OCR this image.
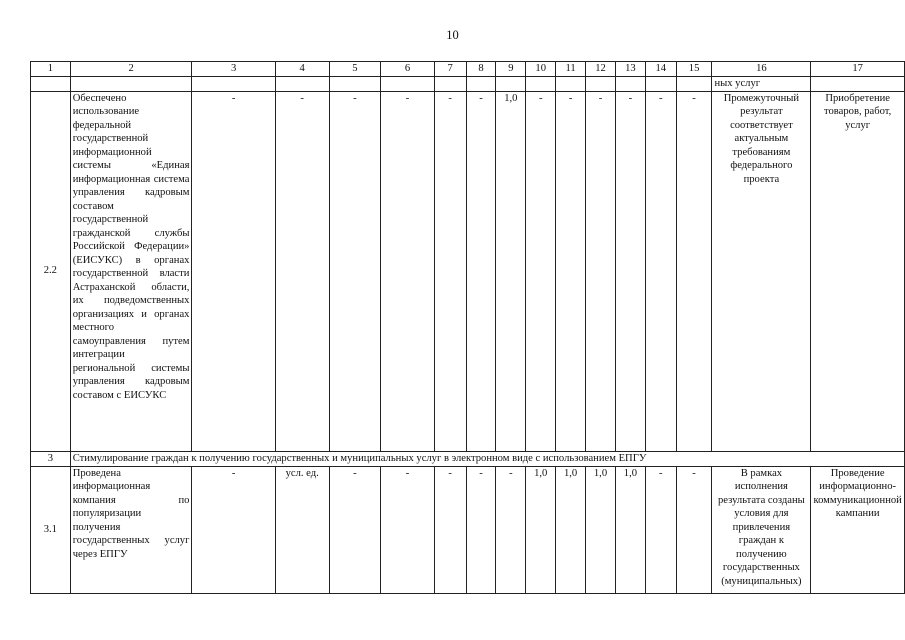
10
1	2	3	4	5	6	7	8	9	10	11	12	13	14	15	16	17
															ных услуг	
2.2	Обеспечено использование федеральной государственной информационной системы «Единая информационная система управления кадровым составом государственной гражданской службы Российской Федерации» (ЕИСУКС) в органах государственной власти Астраханской области, их подведомственных организациях и органах местного самоуправления путем интеграции региональной системы управления кадровым составом с ЕИСУКС	-	-	-	-	-	-	1,0	-	-	-	-	-	-	Промежуточный результат соответствует актуальным требованиям федерального проекта	Приобретение товаров, работ, услуг
3	Стимулирование граждан к получению государственных и муниципальных услуг в электронном виде с использованием ЕПГУ															
3.1	Проведена информационная компания по популяризации получения государственных услуг через ЕПГУ	-	усл. ед.	-	-	-	-	-	1,0	1,0	1,0	1,0	-	-	В рамках исполнения результата созданы условия для привлечения граждан к получению государственных (муниципальных)	Проведение информационно-коммуникационной кампании
